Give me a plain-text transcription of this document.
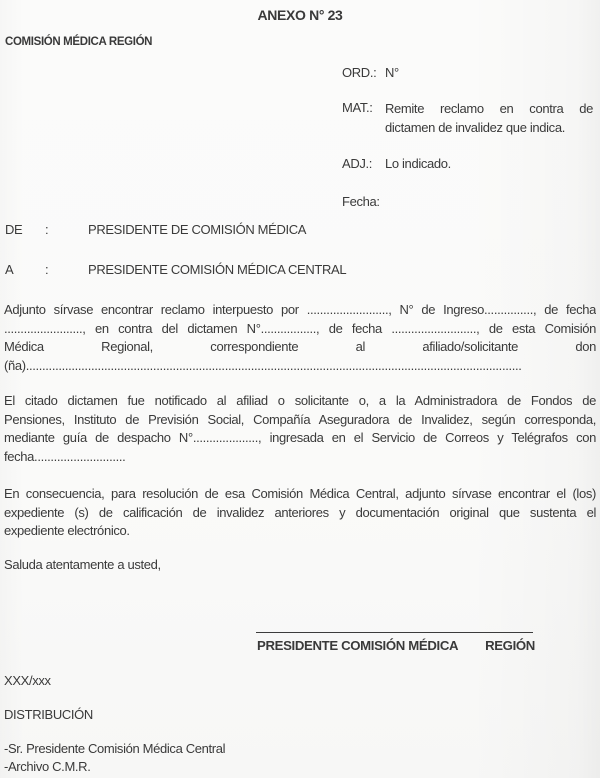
ANEXO N° 23
COMISIÓN MÉDICA REGIÓN
ORD.: N°
MAT.: Remite reclamo en contra de
dictamen de invalidez que indica.
ADJ.: Lo indicado.
Fecha:
DE	:	PRESIDENTE DE COMISIÓN MÉDICA
A	:	PRESIDENTE COMISIÓN MÉDICA CENTRAL
Adjunto sírvase encontrar reclamo interpuesto por ........................., N° de Ingreso..............., de fecha
........................, en contra del dictamen N°................., de fecha .........................., de esta Comisión
Médica Regional, correspondiente al afiliado/solicitante don
(ña)........................................................................................................................................................
El citado dictamen fue notificado al afiliad o solicitante o, a la Administradora de Fondos de
Pensiones, Instituto de Previsión Social, Compañía Aseguradora de Invalidez, según corresponda,
mediante guía de despacho N°...................., ingresada en el Servicio de Correos y Telégrafos con
fecha............................
En consecuencia, para resolución de esa Comisión Médica Central, adjunto sírvase encontrar el (los)
expediente (s) de calificación de invalidez anteriores y documentación original que sustenta el
expediente electrónico.
Saluda atentamente a usted,
PRESIDENTE COMISIÓN MÉDICA REGIÓN
XXX/xxx
DISTRIBUCIÓN
-Sr. Presidente Comisión Médica Central
-Archivo C.M.R.
